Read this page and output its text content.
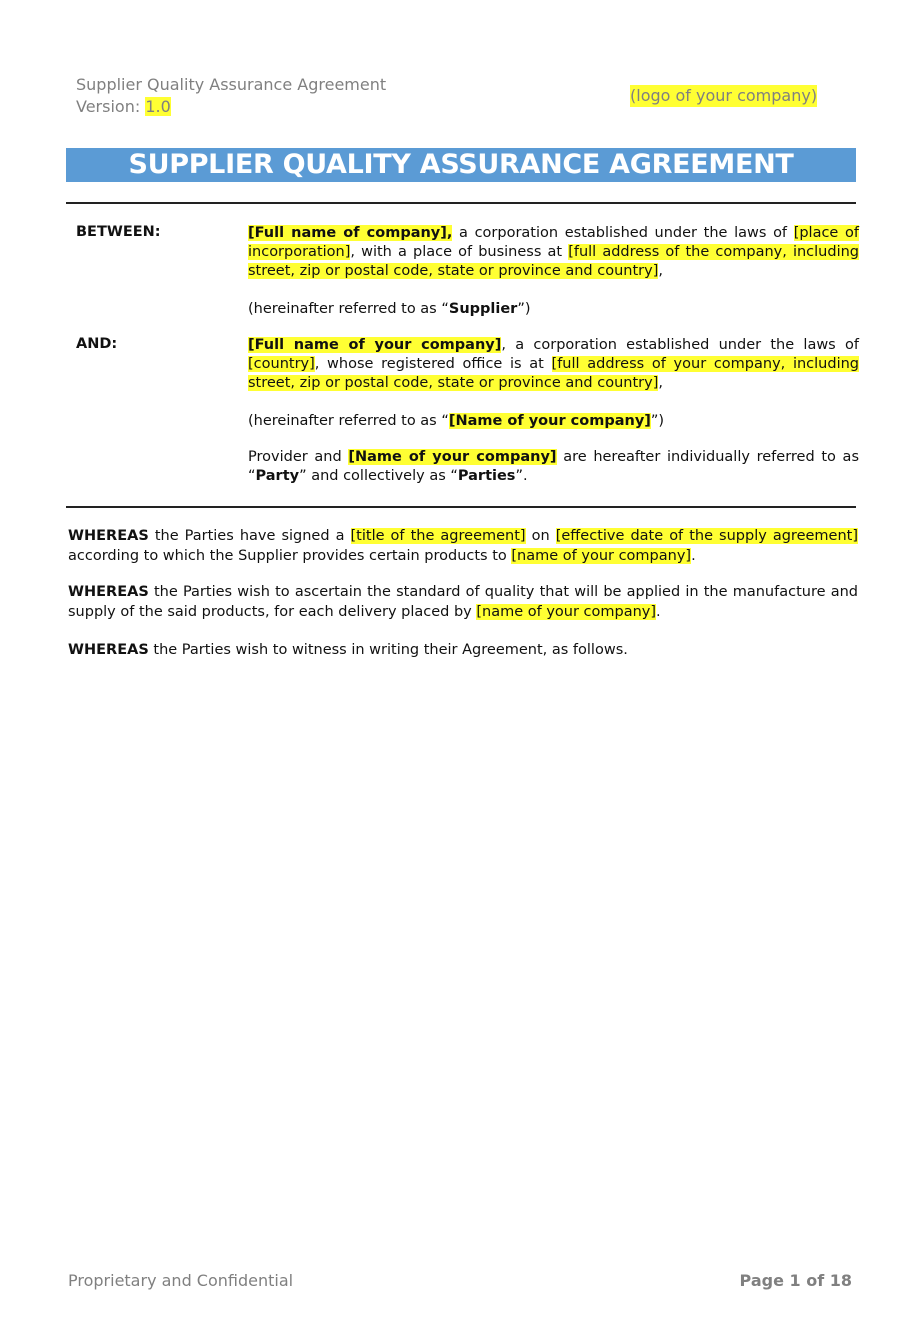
Supplier Quality Assurance Agreement
Version: 1.0
(logo of your company)
SUPPLIER QUALITY ASSURANCE AGREEMENT
BETWEEN:	[Full name of company], a corporation established under the laws of [place of incorporation], with a place of business at [full address of the company, including street, zip or postal code, state or province and country],
(hereinafter referred to as “Supplier”)
AND:	[Full name of your company], a corporation established under the laws of [country], whose registered office is at [full address of your company, including street, zip or postal code, state or province and country],
(hereinafter referred to as “[Name of your company]”)
Provider and [Name of your company] are hereafter individually referred to as “Party” and collectively as “Parties”.
WHEREAS the Parties have signed a [title of the agreement] on [effective date of the supply agreement] according to which the Supplier provides certain products to [name of your company].
WHEREAS the Parties wish to ascertain the standard of quality that will be applied in the manufacture and supply of the said products, for each delivery placed by [name of your company].
WHEREAS the Parties wish to witness in writing their Agreement, as follows.
Proprietary and Confidential	Page 1 of 18
